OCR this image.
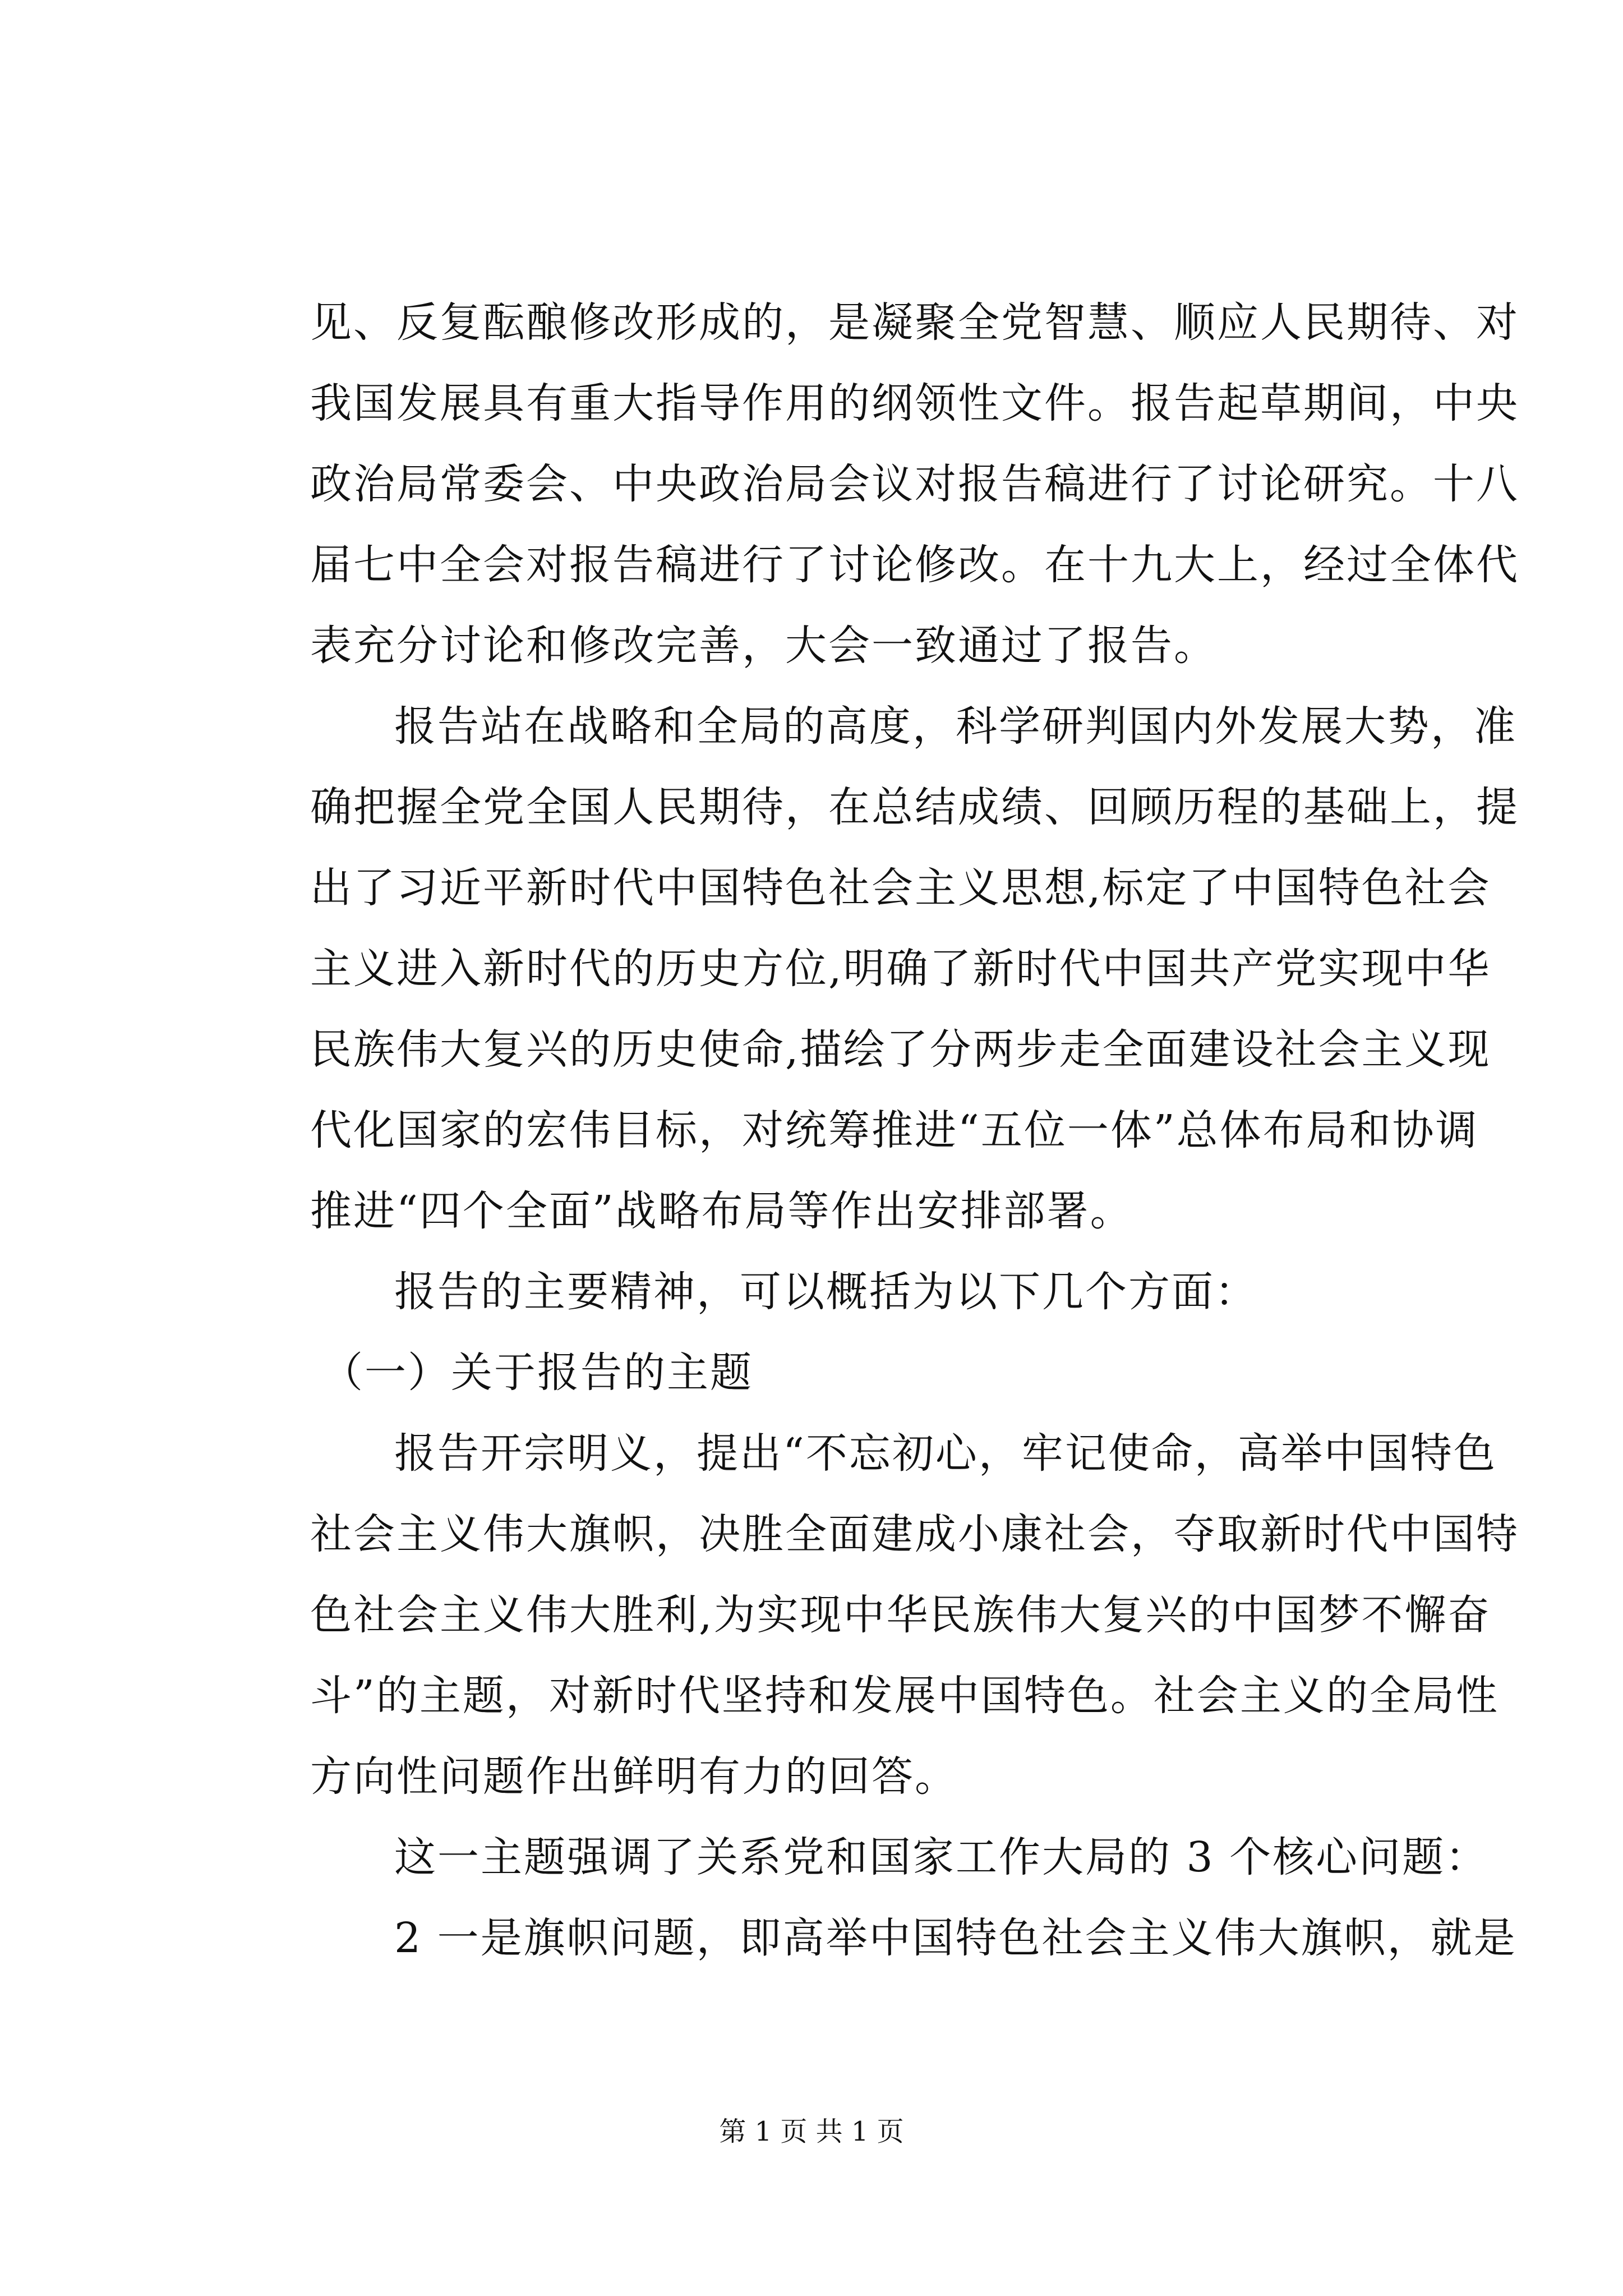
见、反复酝酿修改形成的，是凝聚全党智慧、顺应人民期待、对
我国发展具有重大指导作用的纲领性文件。报告起草期间，中央
政治局常委会、中央政治局会议对报告稿进行了讨论研究。十八
届七中全会对报告稿进行了讨论修改。在十九大上，经过全体代
表充分讨论和修改完善，大会一致通过了报告。
报告站在战略和全局的高度，科学研判国内外发展大势，准
确把握全党全国人民期待，在总结成绩、回顾历程的基础上，提
出了习近平新时代中国特色社会主义思想,标定了中国特色社会
主义进入新时代的历史方位,明确了新时代中国共产党实现中华
民族伟大复兴的历史使命,描绘了分两步走全面建设社会主义现
代化国家的宏伟目标，对统筹推进“五位一体”总体布局和协调
推进“四个全面”战略布局等作出安排部署。
报告的主要精神，可以概括为以下几个方面：
（一）关于报告的主题
报告开宗明义，提出“不忘初心，牢记使命，高举中国特色
社会主义伟大旗帜，决胜全面建成小康社会，夺取新时代中国特
色社会主义伟大胜利,为实现中华民族伟大复兴的中国梦不懈奋
斗”的主题，对新时代坚持和发展中国特色。社会主义的全局性
方向性问题作出鲜明有力的回答。
这一主题强调了关系党和国家工作大局的 3 个核心问题：
2 一是旗帜问题，即高举中国特色社会主义伟大旗帜，就是
第 1 页 共 1 页
